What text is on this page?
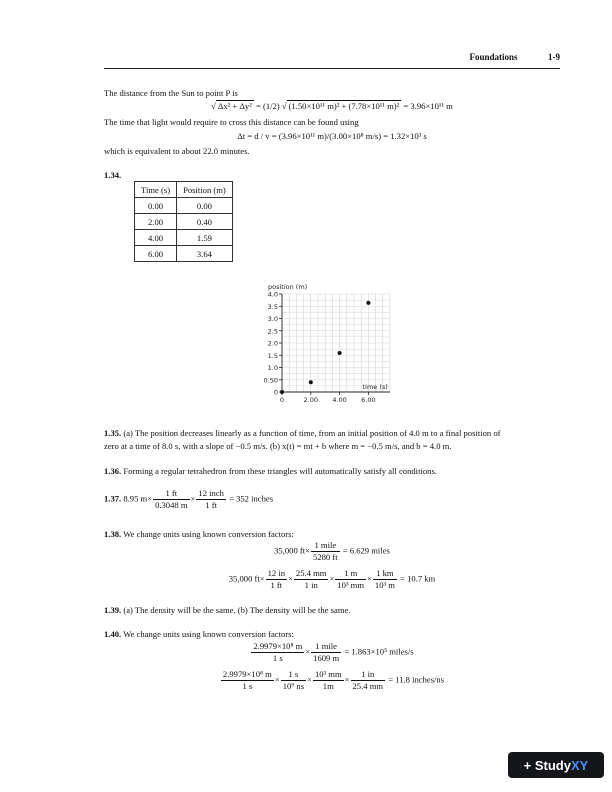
Foundations	1-9
The distance from the Sun to point P is
√ Δx² + Δy² = (1/2) √ (1.50×10¹¹ m)² + (7.78×10¹¹ m)² = 3.96×10¹¹ m
The time that light would require to cross this distance can be found using
Δt = d / v = (3.96×10¹¹ m)/(3.00×10⁸ m/s) = 1.32×10³ s
which is equivalent to about 22.0 minutes.
1.34.
Time (s)	Position (m)
0.00	0.00
2.00	0.40
4.00	1.59
6.00	3.64
0
0.50
1.0
1.5
2.0
2.5
3.0
3.5
4.0
0	2.00 4.00 6.00
position (m)
time (s)
1.35. (a) The position decreases linearly as a function of time, from an initial position of 4.0 m to a final position of
zero at a time of 8.0 s, with a slope of −0.5 m/s. (b) x(t) = mt + b where m = −0.5 m/s, and b = 4.0 m.
1.36. Forming a regular tetrahedron from these triangles will automatically satisfy all conditions.
1.37. 8.95 $m\times \frac{1 ft}{0.3048 m} \times \frac{\text{12 inch}}{1 ft} = 352$ inches
1.38. We change units using known conversion factors:
35,000 $ft\times \frac{\text{1 mile}}{5280 ft} = 6.629$ miles
35,000 $ft\times \frac{12 in}{1 ft} \times \frac{25.4 mm}{1 in} \times \frac{1 m}{\text{10³ mm}} \times \frac{1 km}{\text{10³ m}} = 10.7$ km
1.39. (a) The density will be the same. (b) The density will be the same.
1.40. We change units using known conversion factors:
$\frac{\text{2.9979×10⁸ m}}{1 s} \times \frac{\text{1 mile}}{1609 m} = 1.863\times 10^5$ miles/s
$\frac{\text{2.9979×10⁸ m}}{1 s} \times \frac{1 s}{\text{10⁹ ns}} \times \frac{\text{10³ mm}}{1m} \times \frac{1 in}{25.4 mm} = 11.8$ inches/ns
+ Study XY
